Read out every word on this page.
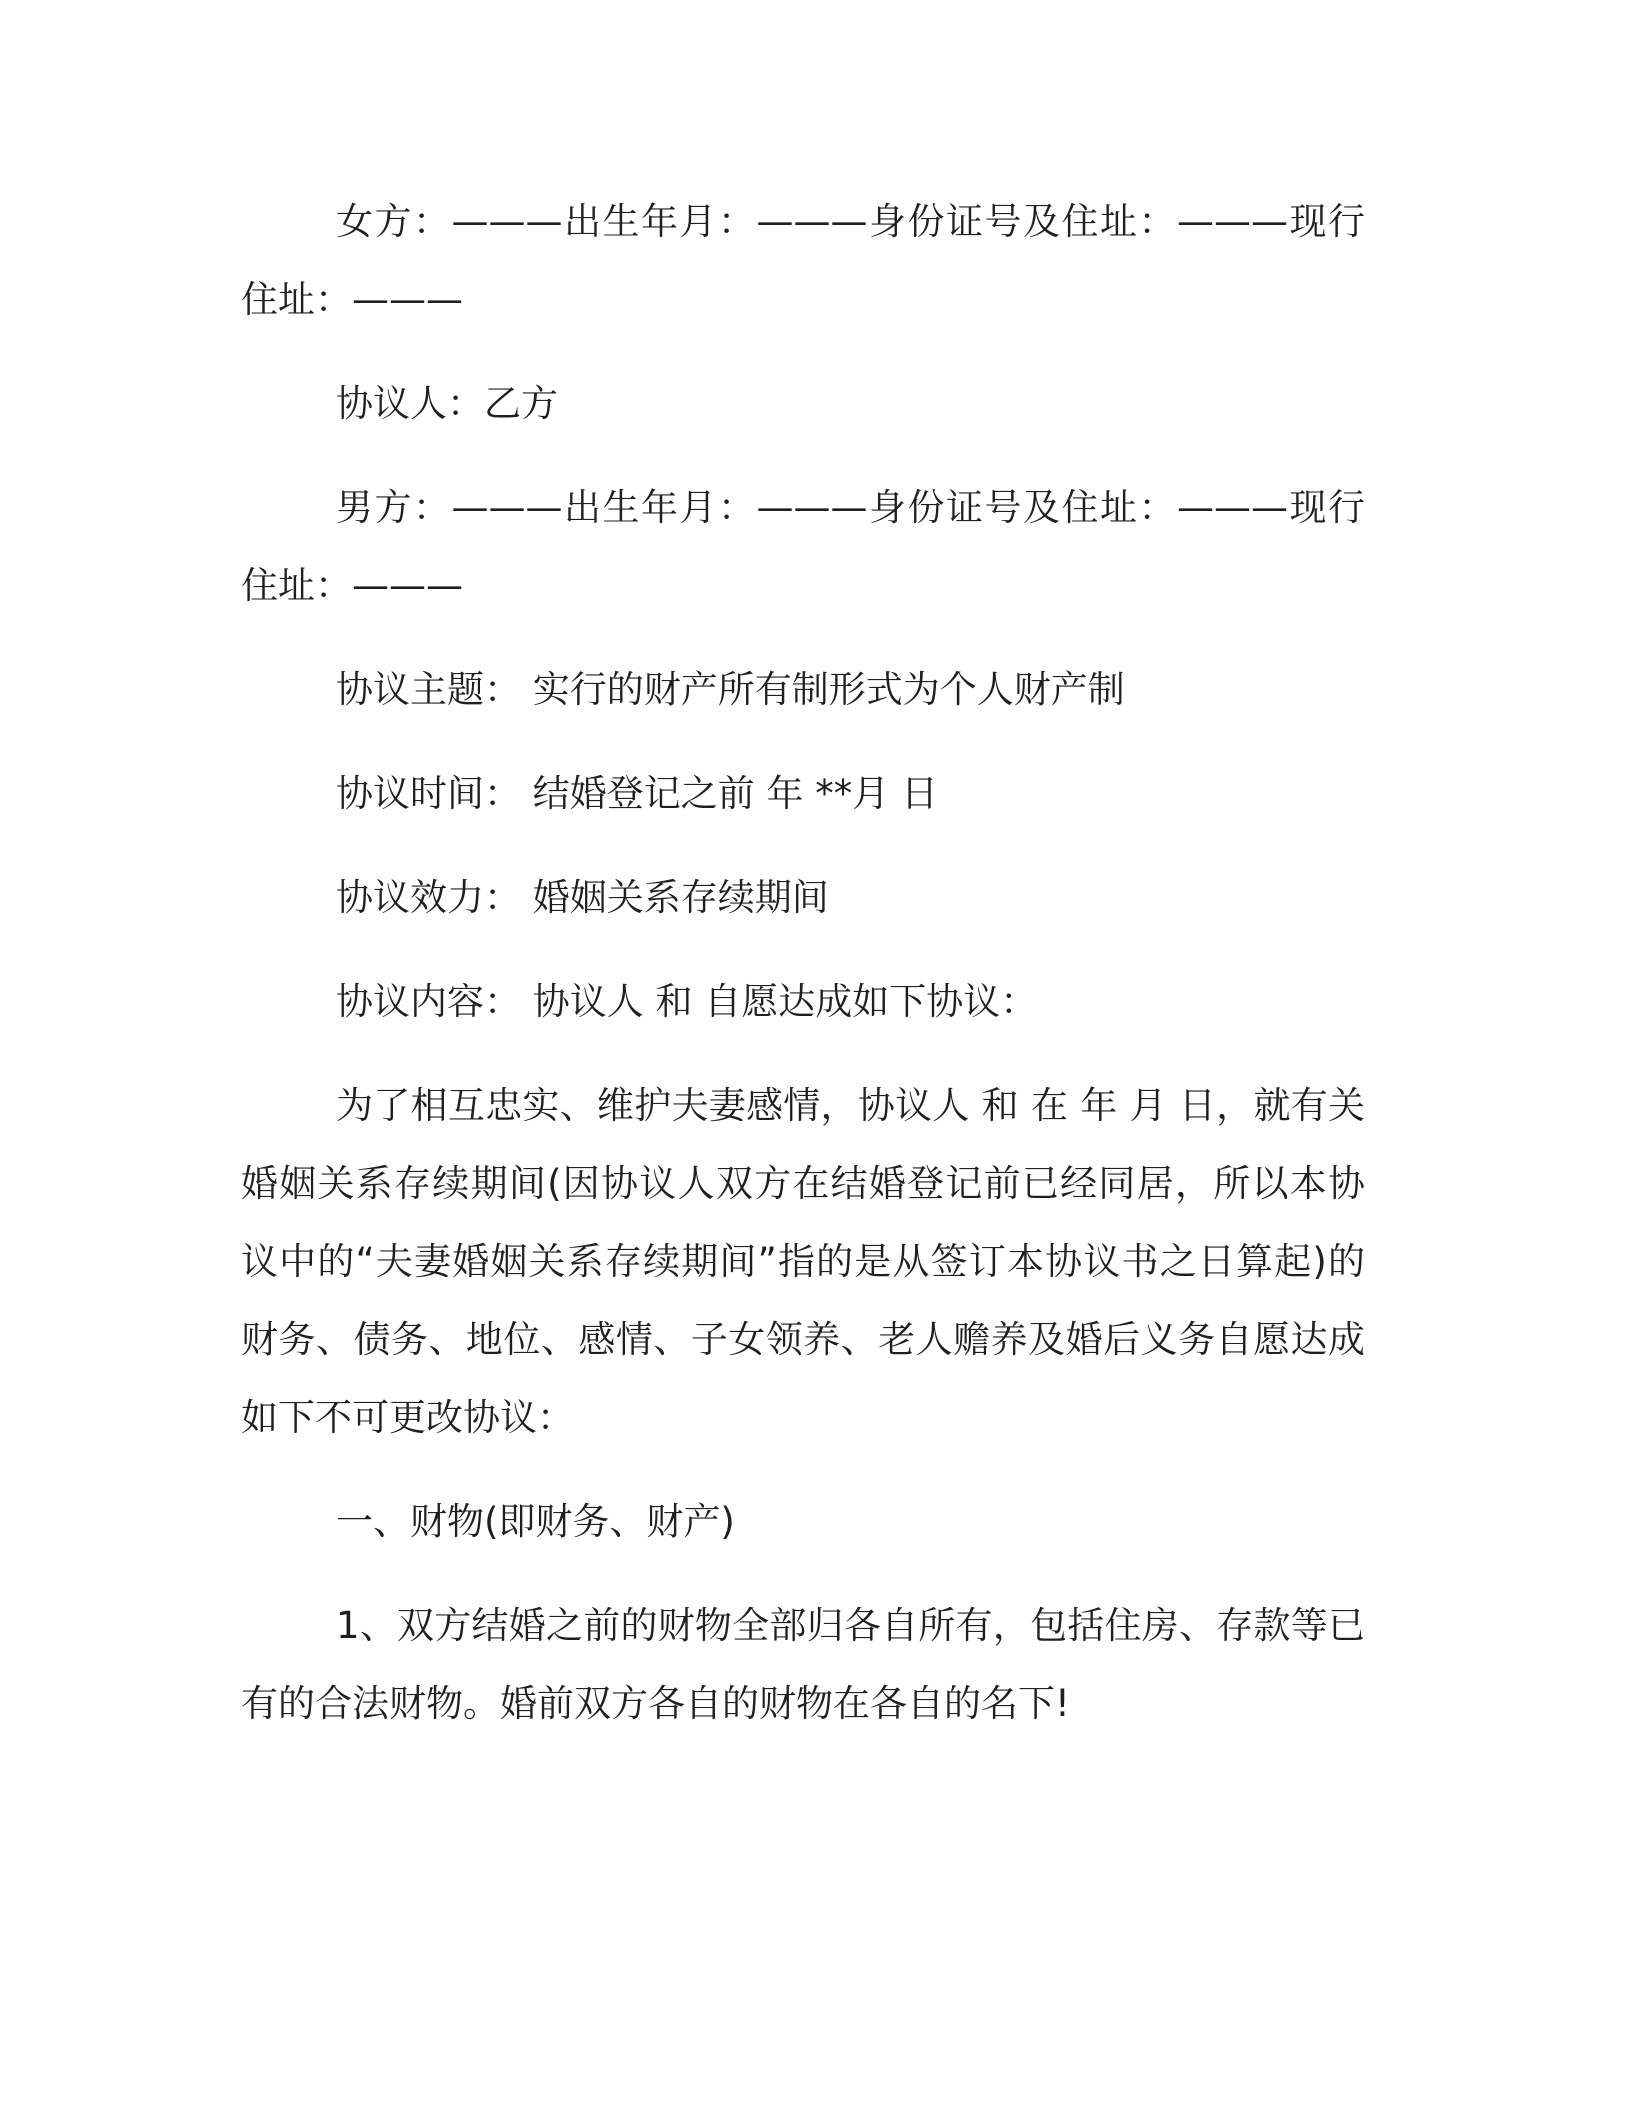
女方：———出生年月：———身份证号及住址：———现行住址：———

协议人：乙方

男方：———出生年月：———身份证号及住址：———现行住址：———

协议主题： 实行的财产所有制形式为个人财产制

协议时间： 结婚登记之前 年 **月 日

协议效力： 婚姻关系存续期间

协议内容： 协议人 和 自愿达成如下协议：

为了相互忠实、维护夫妻感情，协议人 和 在 年 月 日，就有关婚姻关系存续期间(因协议人双方在结婚登记前已经同居，所以本协议中的“夫妻婚姻关系存续期间”指的是从签订本协议书之日算起)的财务、债务、地位、感情、子女领养、老人赡养及婚后义务自愿达成如下不可更改协议：

一、财物(即财务、财产)

1、双方结婚之前的财物全部归各自所有，包括住房、存款等已有的合法财物。婚前双方各自的财物在各自的名下!
